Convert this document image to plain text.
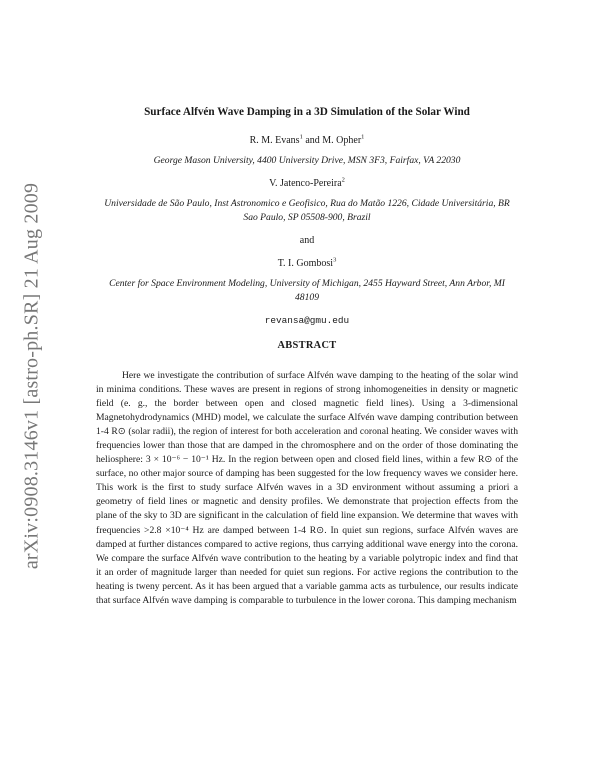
arXiv:0908.3146v1 [astro-ph.SR] 21 Aug 2009
Surface Alfvén Wave Damping in a 3D Simulation of the Solar Wind
R. M. Evans$^1$ and M. Opher$^1$

George Mason University, 4400 University Drive, MSN 3F3, Fairfax, VA 22030

V. Jatenco-Pereira$^2$

Universidade de São Paulo, Inst Astronomico e Geofisico, Rua do Matão 1226, Cidade Universitária, BR Sao Paulo, SP 05508-900, Brazil

and
T. I. Gombosi$^3$

Center for Space Environment Modeling, University of Michigan, 2455 Hayward Street, Ann Arbor, MI 48109

revansa@gmu.edu
ABSTRACT

Here we investigate the contribution of surface Alfvén wave damping to the heating of the solar wind in minima conditions. These waves are present in regions of strong inhomogeneities in density or magnetic field (e. g., the border between open and closed magnetic field lines). Using a 3-dimensional Magnetohydrodynamics (MHD) model, we calculate the surface Alfvén wave damping contribution between 1-4 R⊙ (solar radii), the region of interest for both acceleration and coronal heating. We consider waves with frequencies lower than those that are damped in the chromosphere and on the order of those dominating the heliosphere: 3 × 10⁻⁶ − 10⁻¹ Hz. In the region between open and closed field lines, within a few R⊙ of the surface, no other major source of damping has been suggested for the low frequency waves we consider here. This work is the first to study surface Alfvén waves in a 3D environment without assuming a priori a geometry of field lines or magnetic and density profiles. We demonstrate that projection effects from the plane of the sky to 3D are significant in the calculation of field line expansion. We determine that waves with frequencies >2.8 ×10⁻⁴ Hz are damped between 1-4 R⊙. In quiet sun regions, surface Alfvén waves are damped at further distances compared to active regions, thus carrying additional wave energy into the corona. We compare the surface Alfvén wave contribution to the heating by a variable polytropic index and find that it an order of magnitude larger than needed for quiet sun regions. For active regions the contribution to the heating is tweny percent. As it has been argued that a variable gamma acts as turbulence, our results indicate that surface Alfvén wave damping is comparable to turbulence in the lower corona. This damping mechanism
